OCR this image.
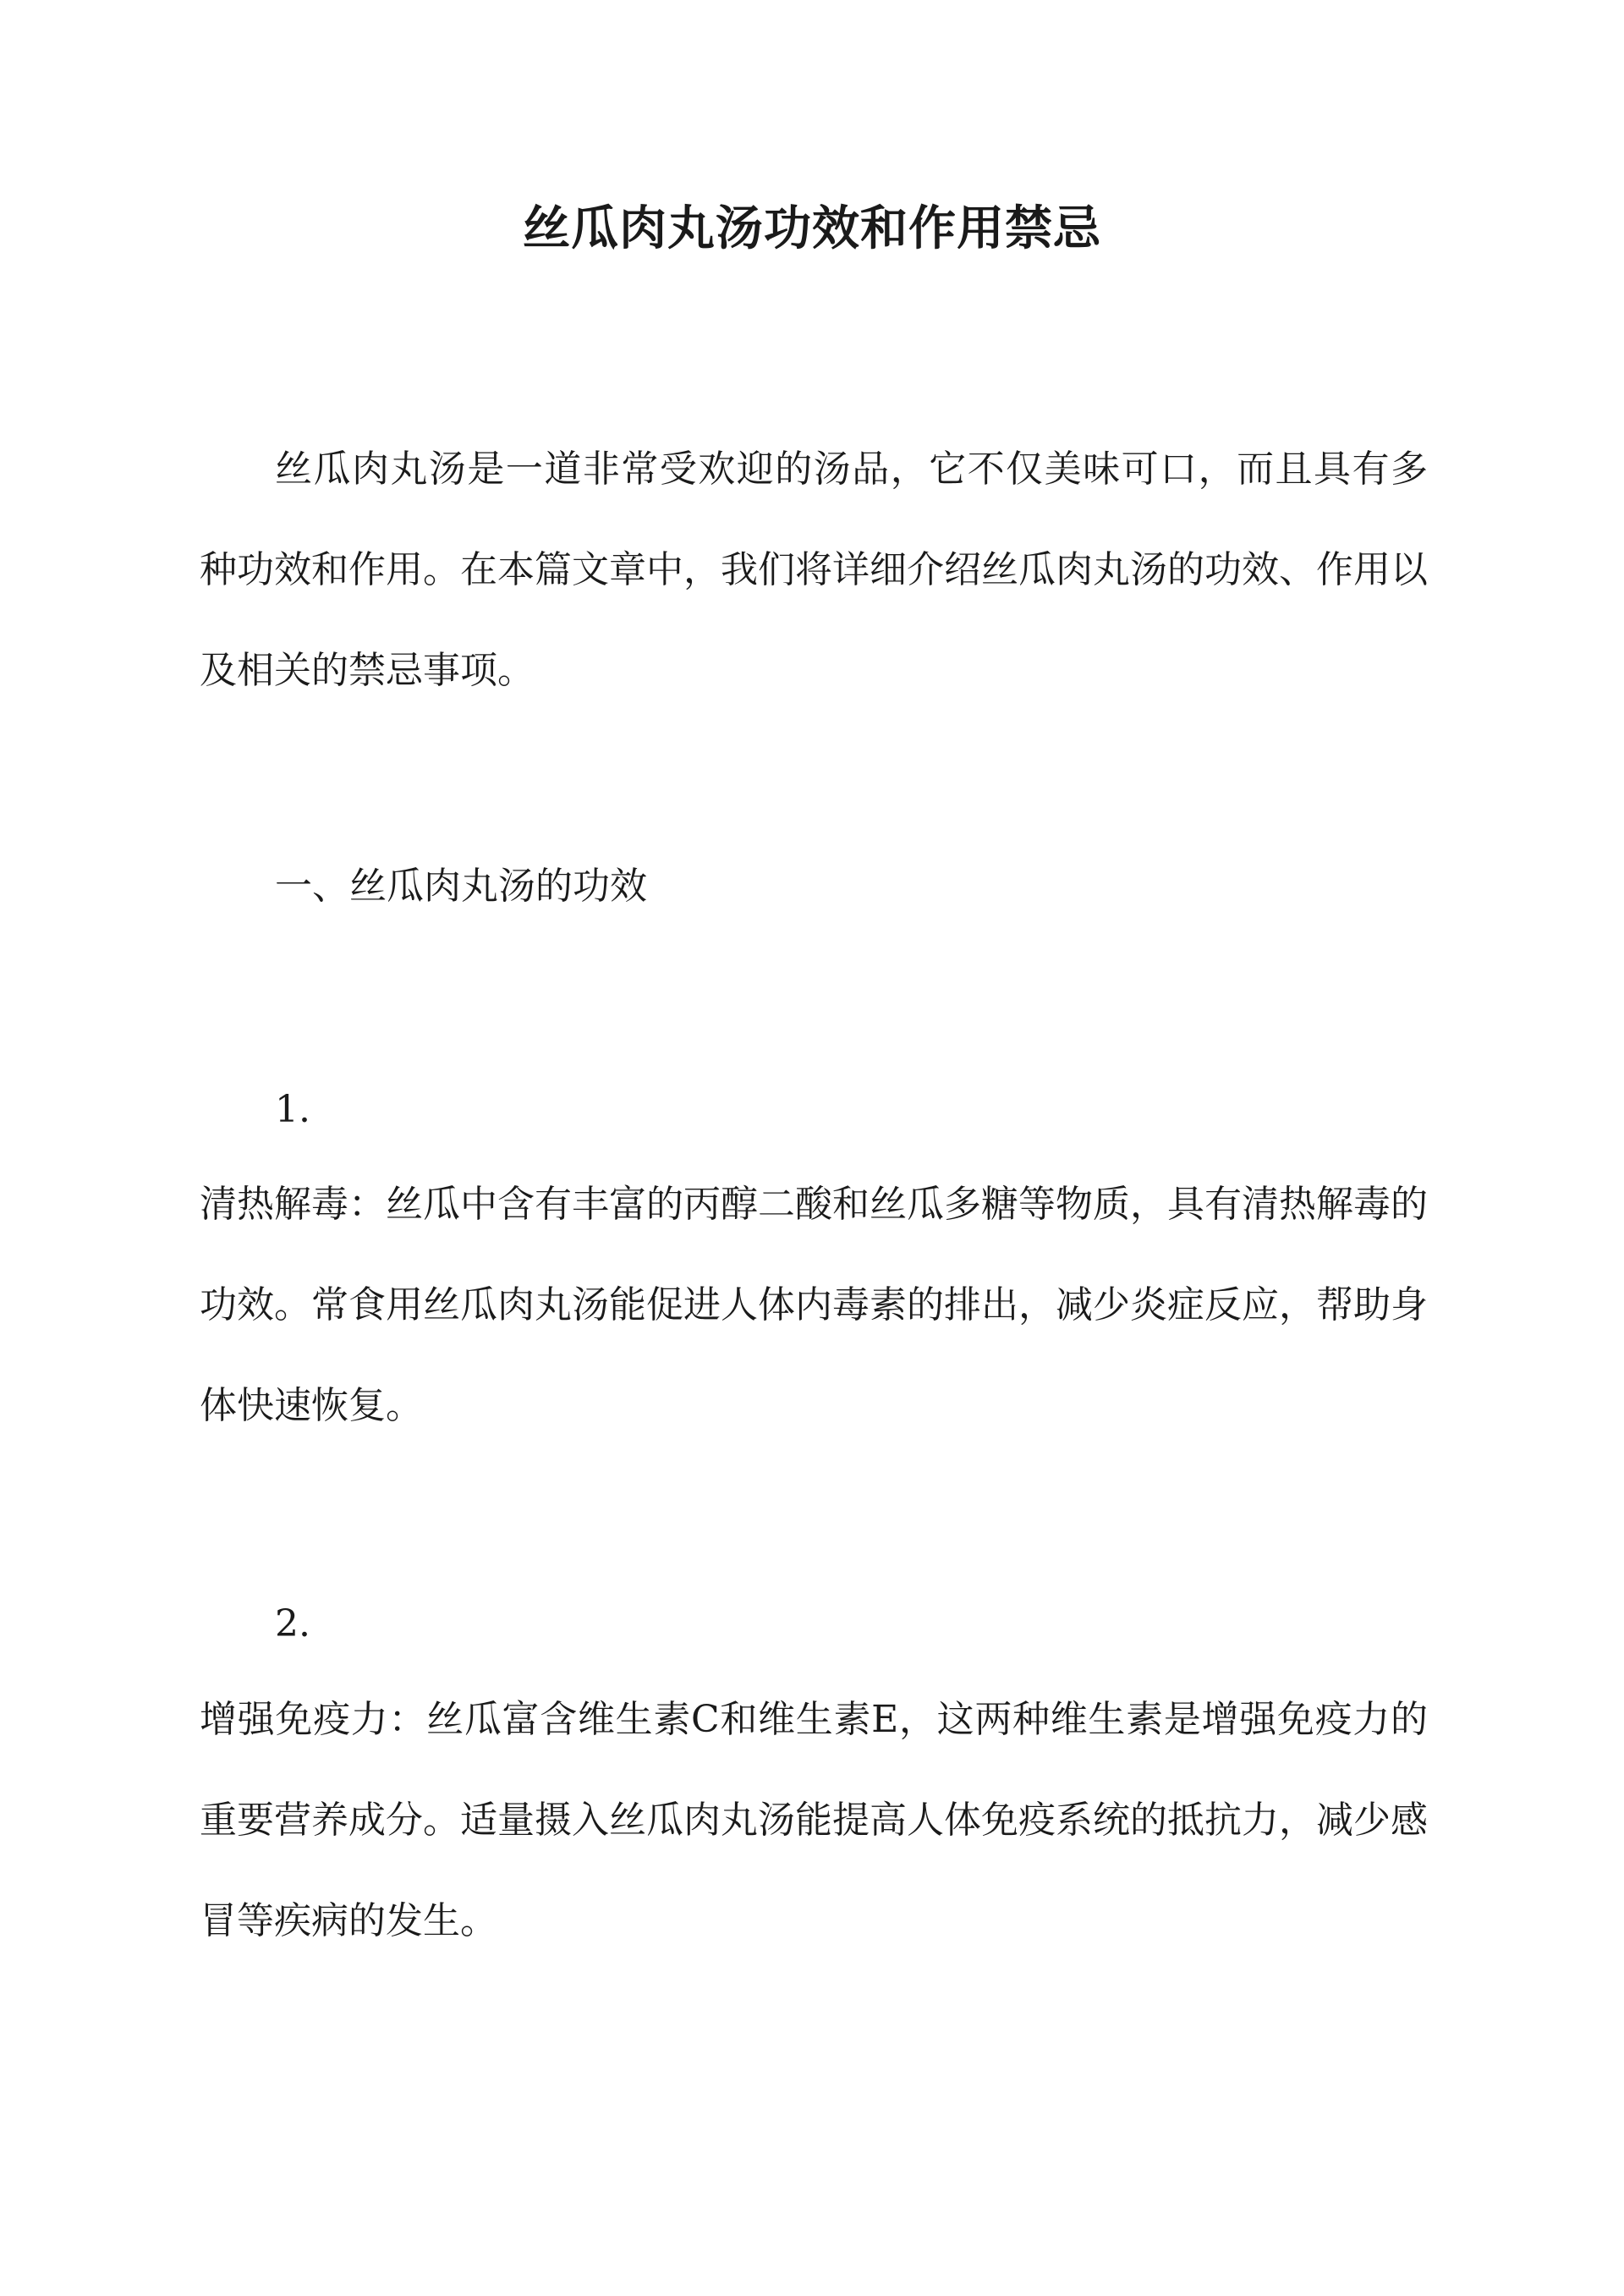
丝瓜肉丸汤功效和作用禁忌

丝瓜肉丸汤是一道非常受欢迎的汤品，它不仅美味可口，而且具有多种功效和作用。在本篇文章中，我们将详细介绍丝瓜肉丸汤的功效、作用以及相关的禁忌事项。

一、丝瓜肉丸汤的功效

1.

清热解毒：丝瓜中含有丰富的丙醇二酸和丝瓜多糖等物质，具有清热解毒的功效。常食用丝瓜肉丸汤能促进人体内毒素的排出，减少炎症反应，帮助身体快速恢复。

2.

增强免疫力：丝瓜富含维生素C和维生素E，这两种维生素是增强免疫力的重要营养成分。适量摄入丝瓜肉丸汤能提高人体免疫系统的抵抗力，减少感冒等疾病的发生。
